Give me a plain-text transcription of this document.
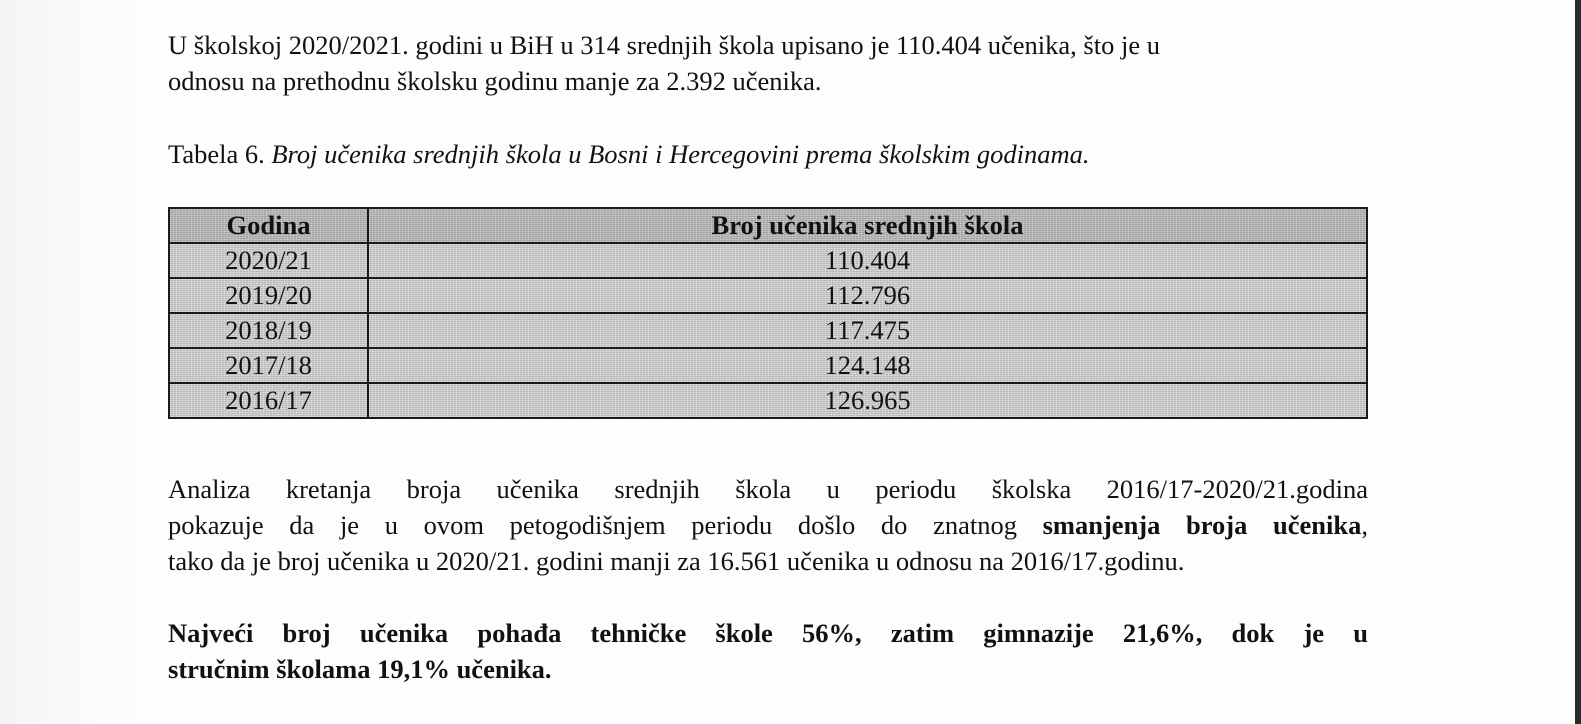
U školskoj 2020/2021. godini u BiH u 314 srednjih škola upisano je 110.404 učenika, što je u
odnosu na prethodnu školsku godinu manje za 2.392 učenika.

Tabela 6. Broj učenika srednjih škola u Bosni i Hercegovini prema školskim godinama.

Godina	Broj učenika srednjih škola
2020/21	110.404
2019/20	112.796
2018/19	117.475
2017/18	124.148
2016/17	126.965
Analiza kretanja broja učenika srednjih škola u periodu školska 2016/17-2020/21.godina
pokazuje da je u ovom petogodišnjem periodu došlo do znatnog smanjenja broja učenika,
tako da je broj učenika u 2020/21. godini manji za 16.561 učenika u odnosu na 2016/17.godinu.
Najveći broj učenika pohađa tehničke škole 56%, zatim gimnazije 21,6%, dok je u
stručnim školama 19,1% učenika.
